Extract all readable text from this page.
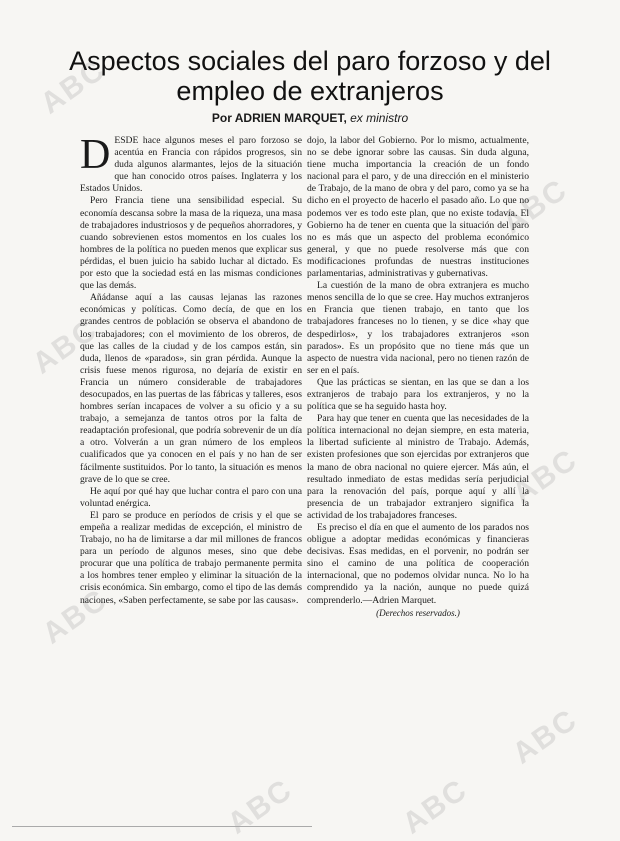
ABC
ABC
ABC
ABC
ABC
ABC
ABC	ABC
Aspectos sociales del paro forzoso y del empleo de extranjeros
Por ADRIEN MARQUET, ex ministro

DESDE hace algunos meses el paro forzoso se acentúa en Francia con rápidos progresos, sin duda algunos alarmantes, lejos de la situación que han conocido otros países. Inglaterra y los Estados Unidos.

Pero Francia tiene una sensibilidad especial. Su economía descansa sobre la masa de la riqueza, una masa de trabajadores industriosos y de pequeños ahorradores, y cuando sobrevienen estos momentos en los cuales los hombres de la política no pueden menos que explicar sus pérdidas, el buen juicio ha sabido luchar al dictado. Es por esto que la sociedad está en las mismas condiciones que las demás.

Añádanse aquí a las causas lejanas las razones económicas y políticas. Como decía, de que en los grandes centros de población se observa el abandono de los trabajadores; con el movimiento de los obreros, de que las calles de la ciudad y de los campos están, sin duda, llenos de «parados», sin gran pérdida. Aunque la crisis fuese menos rigurosa, no dejaría de existir en Francia un número considerable de trabajadores desocupados, en las puertas de las fábricas y talleres, esos hombres serían incapaces de volver a su oficio y a su trabajo, a semejanza de tantos otros por la falta de readaptación profesional, que podría sobrevenir de un día a otro. Volverán a un gran número de los empleos cualificados que ya conocen en el país y no han de ser fácilmente sustituidos. Por lo tanto, la situación es menos grave de lo que se cree.

He aquí por qué hay que luchar contra el paro con una voluntad enérgica.

El paro se produce en períodos de crisis y el que se empeña a realizar medidas de excepción, el ministro de Trabajo, no ha de limitarse a dar mil millones de francos para un período de algunos meses, sino que debe procurar que una política de trabajo permanente permita a los hombres tener empleo y eliminar la situación de la crisis económica. Sin embargo, como el tipo de las demás naciones, «Saben perfectamente, se sabe por las causas».

dojo, la labor del Gobierno. Por lo mismo, actualmente, no se debe ignorar sobre las causas. Sin duda alguna, tiene mucha importancia la creación de un fondo nacional para el paro, y de una dirección en el ministerio de Trabajo, de la mano de obra y del paro, como ya se ha dicho en el proyecto de hacerlo el pasado año. Lo que no podemos ver es todo este plan, que no existe todavía. El Gobierno ha de tener en cuenta que la situación del paro no es más que un aspecto del problema económico general, y que no puede resolverse más que con modificaciones profundas de nuestras instituciones parlamentarias, administrativas y gubernativas.

La cuestión de la mano de obra extranjera es mucho menos sencilla de lo que se cree. Hay muchos extranjeros en Francia que tienen trabajo, en tanto que los trabajadores franceses no lo tienen, y se dice «hay que despedirlos», y los trabajadores extranjeros «son parados». Es un propósito que no tiene más que un aspecto de nuestra vida nacional, pero no tienen razón de ser en el país.

Que las prácticas se sientan, en las que se dan a los extranjeros de trabajo para los extranjeros, y no la política que se ha seguido hasta hoy.

Para hay que tener en cuenta que las necesidades de la política internacional no dejan siempre, en esta materia, la libertad suficiente al ministro de Trabajo. Además, existen profesiones que son ejercidas por extranjeros que la mano de obra nacional no quiere ejercer. Más aún, el resultado inmediato de estas medidas sería perjudicial para la renovación del país, porque aquí y allí la presencia de un trabajador extranjero significa la actividad de los trabajadores franceses.

Es preciso el día en que el aumento de los parados nos obligue a adoptar medidas económicas y financieras decisivas. Esas medidas, en el porvenir, no podrán ser sino el camino de una política de cooperación internacional, que no podemos olvidar nunca. No lo ha comprendido ya la nación, aunque no puede quizá comprenderlo.—Adrien Marquet.

(Derechos reservados.)
